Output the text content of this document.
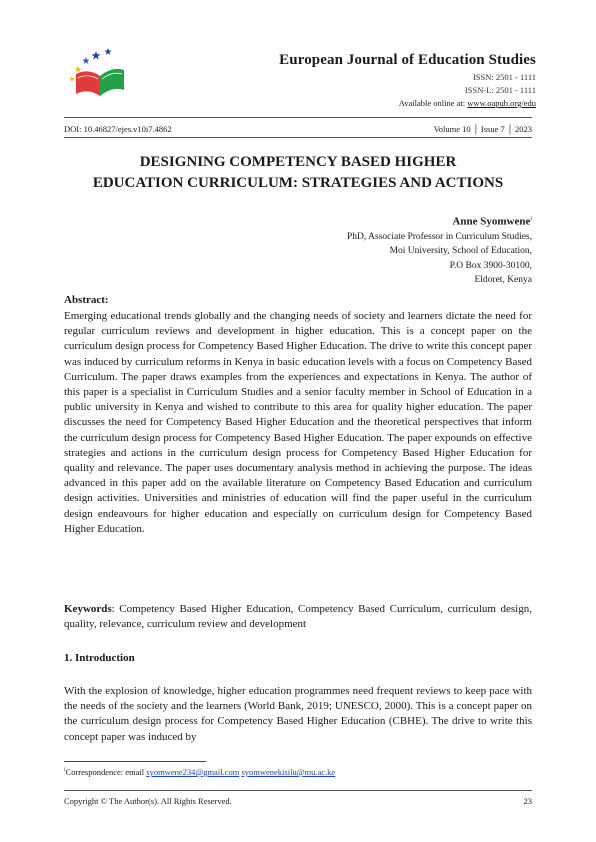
European Journal of Education Studies
ISSN: 2501 - 1111
ISSN-L: 2501 - 1111
Available online at: www.oapub.org/edu
DOI: 10.46827/ejes.v10i7.4862	Volume 10 │ Issue 7 │ 2023
DESIGNING COMPETENCY BASED HIGHER
EDUCATION CURRICULUM: STRATEGIES AND ACTIONS
Anne Syomwene$^i$
PhD, Associate Professor in Curriculum Studies,
Moi University, School of Education,
P.O Box 3900-30100,
Eldoret, Kenya
Abstract:
Emerging educational trends globally and the changing needs of society and learners dictate the need for regular curriculum reviews and development in higher education. This is a concept paper on the curriculum design process for Competency Based Higher Education. The drive to write this concept paper was induced by curriculum reforms in Kenya in basic education levels with a focus on Competency Based Curriculum. The paper draws examples from the experiences and expectations in Kenya. The author of this paper is a specialist in Curriculum Studies and a senior faculty member in School of Education in a public university in Kenya and wished to contribute to this area for quality higher education. The paper discusses the need for Competency Based Higher Education and the theoretical perspectives that inform the curriculum design process for Competency Based Higher Education. The paper expounds on effective strategies and actions in the curriculum design process for Competency Based Higher Education for quality and relevance. The paper uses documentary analysis method in achieving the purpose. The ideas advanced in this paper add on the available literature on Competency Based Education and curriculum design activities. Universities and ministries of education will find the paper useful in the curriculum design endeavours for higher education and especially on curriculum design for Competency Based Higher Education.
Keywords: Competency Based Higher Education, Competency Based Curriculum, curriculum design, quality, relevance, curriculum review and development
1. Introduction
With the explosion of knowledge, higher education programmes need frequent reviews to keep pace with the needs of the society and the learners (World Bank, 2019; UNESCO, 2000). This is a concept paper on the curriculum design process for Competency Based Higher Education (CBHE). The drive to write this concept paper was induced by
$^i$Correspondence: email syomwene234@gmail.com syomwenekisilu@mu.ac.ke
Copyright © The Author(s). All Rights Reserved.	23
